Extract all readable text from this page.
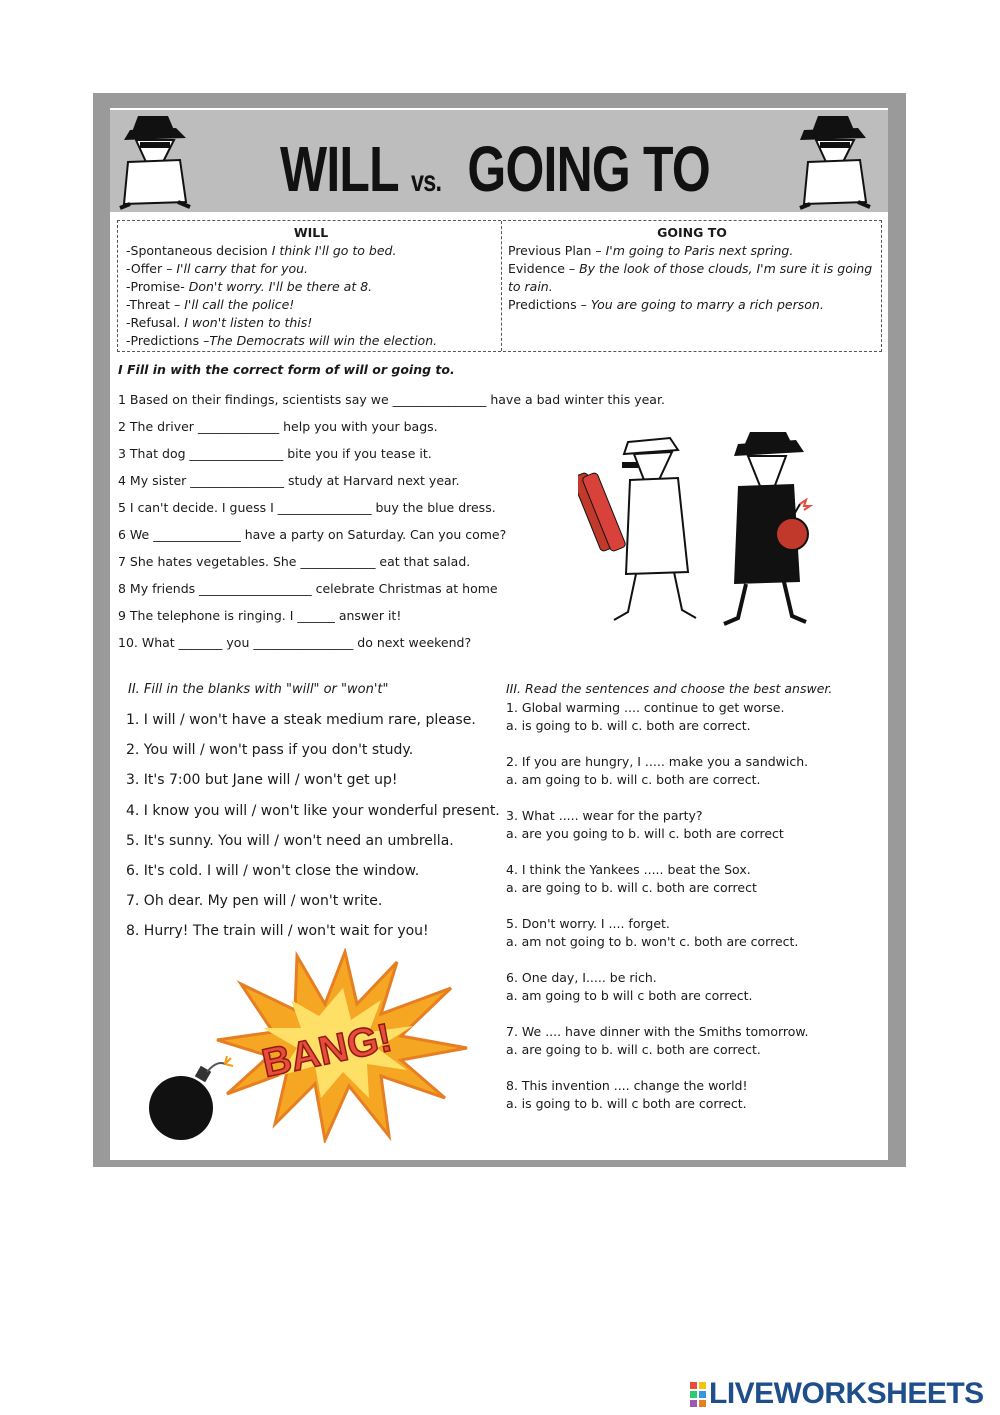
WILL vs. GOING TO
WILL
-Spontaneous decision I think I'll go to bed.
-Offer – I'll carry that for you.
-Promise- Don't worry. I'll be there at 8.
-Threat – I'll call the police!
-Refusal. I won't listen to this!
-Predictions –The Democrats will win the election.
GOING TO
Previous Plan – I'm going to Paris next spring.
Evidence – By the look of those clouds, I'm sure it is going to rain.
Predictions – You are going to marry a rich person.
I Fill in with the correct form of will or going to.
1 Based on their findings, scientists say we _______________ have a bad winter this year.
2 The driver _____________ help you with your bags.
3 That dog _______________ bite you if you tease it.
4 My sister _______________ study at Harvard next year.
5 I can't decide. I guess I _______________ buy the blue dress.
6 We ______________ have a party on Saturday. Can you come?
7 She hates vegetables. She ____________ eat that salad.
8 My friends __________________ celebrate Christmas at home
9 The telephone is ringing. I ______ answer it!
10. What _______ you ________________ do next weekend?
II. Fill in the blanks with "will" or "won't"
1. I will / won't have a steak medium rare, please.
2. You will / won't pass if you don't study.
3. It's 7:00 but Jane will / won't get up!
4. I know you will / won't like your wonderful present.
5. It's sunny. You will / won't need an umbrella.
6. It's cold. I will / won't close the window.
7. Oh dear. My pen will / won't write.
8. Hurry! The train will / won't wait for you!
BANG!
III. Read the sentences and choose the best answer.
1. Global warming .... continue to get worse.
a. is going to b. will c. both are correct.
2. If you are hungry, I ..... make you a sandwich.
a. am going to b. will c. both are correct.
3. What ..... wear for the party?
a. are you going to b. will c. both are correct
4. I think the Yankees ..... beat the Sox.
a. are going to b. will c. both are correct
5. Don't worry. I .... forget.
a. am not going to b. won't c. both are correct.
6. One day, I..... be rich.
a. am going to b will c both are correct.
7. We .... have dinner with the Smiths tomorrow.
a. are going to b. will c. both are correct.
8. This invention .... change the world!
a. is going to b. will c both are correct.
LIVEWORKSHEETS
